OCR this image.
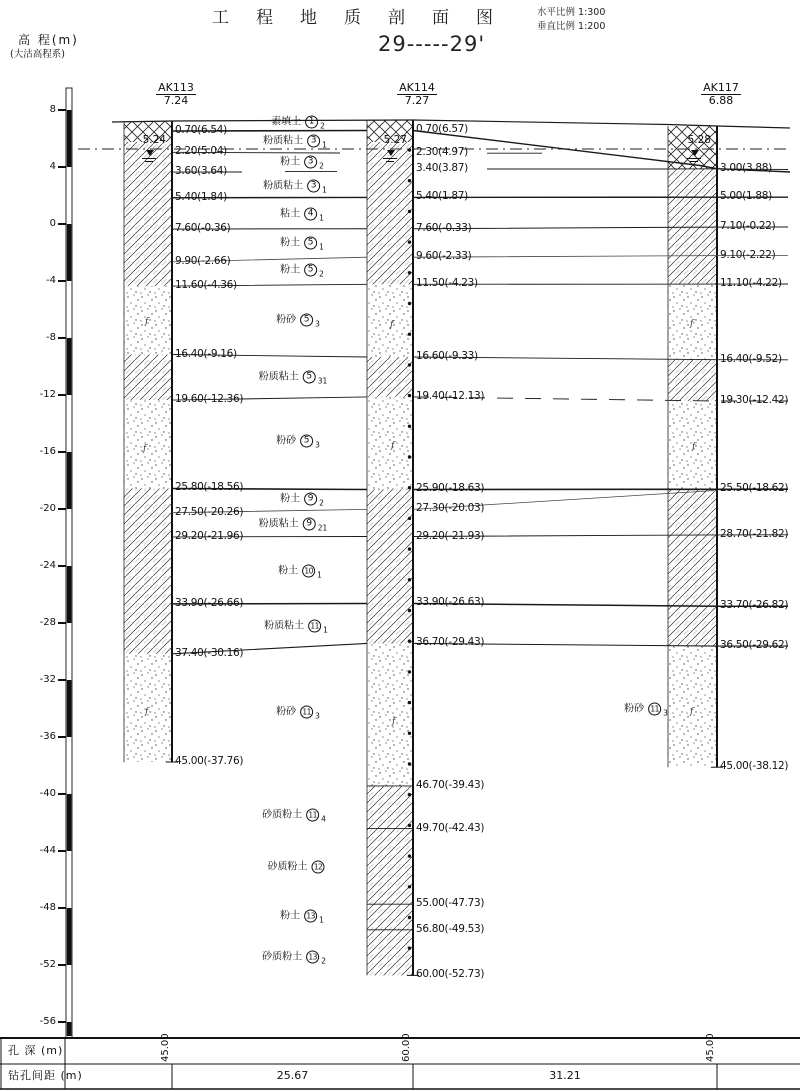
工程地质剖面图 水平比例 1:300
垂直比例 1:200
29-----29'
高 程(m)
(大沽高程系)
孔 深 (m)
钻孔间距 (m)
8
4
0
-4
-8
-12
-16
-20
-24
-28
-32
-36
-40
-44
-48
-52
-56
AK113
7.24
0.70(6.54)
2.20(5.04)
3.60(3.64)
5.40(1.84)
7.60(-0.36)
9.90(-2.66)
11.60(-4.36)
16.40(-9.16)
19.60(-12.36)
25.80(-18.56)
27.50(-20.26)
29.20(-21.96)
33.90(-26.66)
37.40(-30.16)
45.00(-37.76)
5.24
45.00
AK114
7.27
0.70(6.57)
2.30(4.97)
3.40(3.87)
5.40(1.87)
7.60(-0.33)
9.60(-2.33)
11.50(-4.23)
16.60(-9.33)
19.40(-12.13)
25.90(-18.63)
27.30(-20.03)
29.20(-21.93)
33.90(-26.63)
36.70(-29.43)
46.70(-39.43)
49.70(-42.43)
55.00(-47.73)
56.80(-49.53)
60.00(-52.73)
5.27
60.00
AK117
6.88
3.00(3.88)
5.00(1.88)
7.10(-0.22)
9.10(-2.22)
11.10(-4.22)
16.40(-9.52)
19.30(-12.42)
25.50(-18.62)
28.70(-21.82)
33.70(-26.82)
36.50(-29.62)
45.00(-38.12)
5.28
45.00
25.67	31.21
素填土 1 2
粉质粘土 3 1
粉土 3 2
粉质粘土 3 1
粘土 4 1
粉土 5 1
粉土 5 2
粉砂 5 3
粉质粘土 5 31
粉砂 5 3
粉土 9 2
粉质粘土 9 21
粉土 10 1
粉质粘土 11 1
粉砂 11 3
砂质粉土 11 4
砂质粉土 12
粉土 13 1
砂质粉土 13 2
粉砂 11 3
f
f
f
f
f
f
f
f
f
